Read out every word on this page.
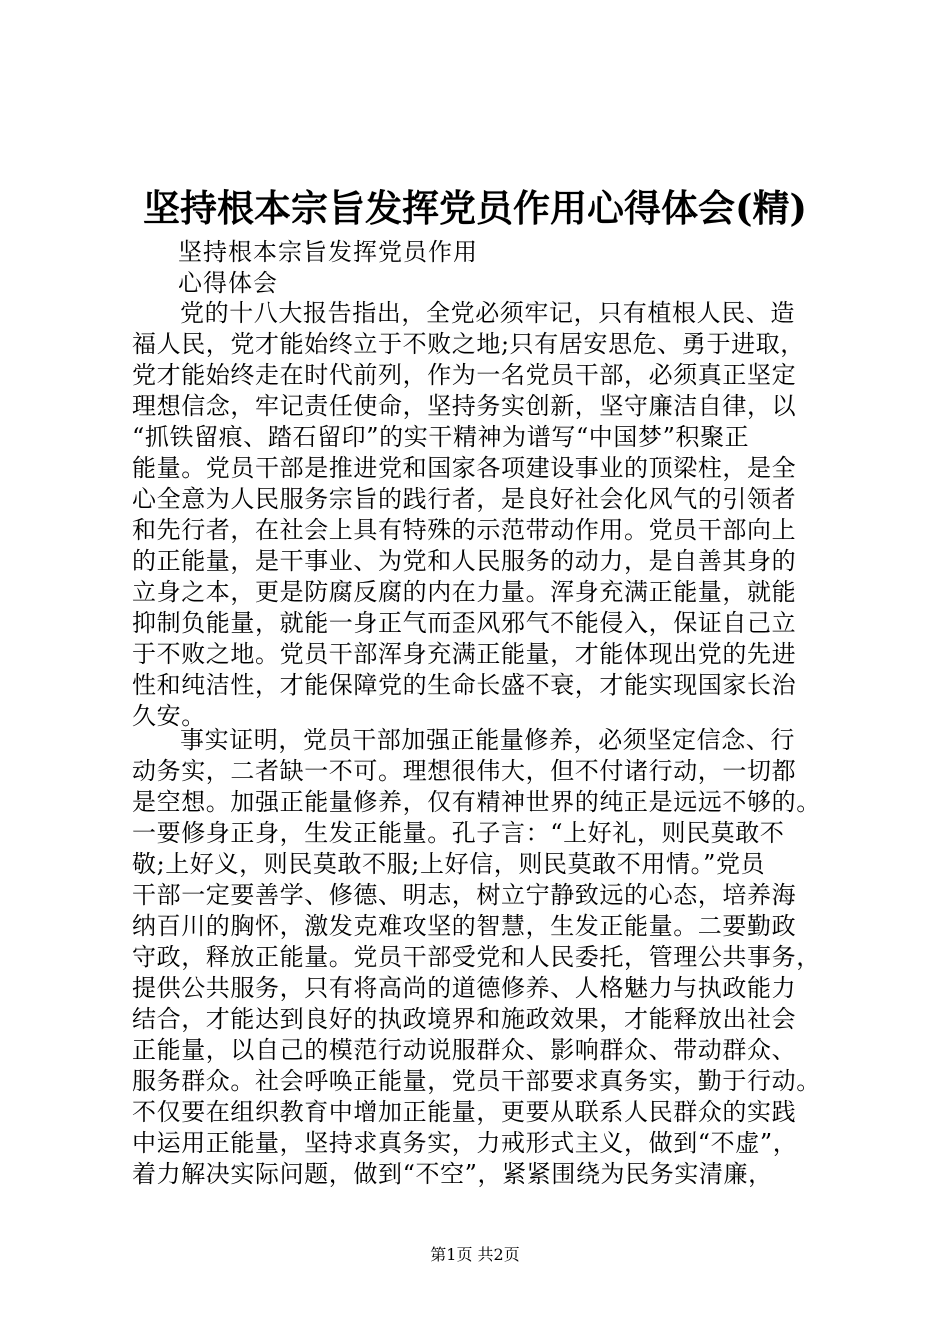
坚持根本宗旨发挥党员作用心得体会(精)
坚持根本宗旨发挥党员作用
心得体会
党的十八大报告指出，全党必须牢记，只有植根人民、造
福人民，党才能始终立于不败之地;只有居安思危、勇于进取，
党才能始终走在时代前列，作为一名党员干部，必须真正坚定
理想信念，牢记责任使命，坚持务实创新，坚守廉洁自律，以
“抓铁留痕、踏石留印”的实干精神为谱写“中国梦”积聚正
能量。党员干部是推进党和国家各项建设事业的顶梁柱，是全
心全意为人民服务宗旨的践行者，是良好社会化风气的引领者
和先行者，在社会上具有特殊的示范带动作用。党员干部向上
的正能量，是干事业、为党和人民服务的动力，是自善其身的
立身之本，更是防腐反腐的内在力量。浑身充满正能量，就能
抑制负能量，就能一身正气而歪风邪气不能侵入，保证自己立
于不败之地。党员干部浑身充满正能量，才能体现出党的先进
性和纯洁性，才能保障党的生命长盛不衰，才能实现国家长治
久安。
事实证明，党员干部加强正能量修养，必须坚定信念、行
动务实，二者缺一不可。理想很伟大，但不付诸行动，一切都
是空想。加强正能量修养，仅有精神世界的纯正是远远不够的。
一要修身正身，生发正能量。孔子言：“上好礼，则民莫敢不
敬;上好义，则民莫敢不服;上好信，则民莫敢不用情。”党员
干部一定要善学、修德、明志，树立宁静致远的心态，培养海
纳百川的胸怀，激发克难攻坚的智慧，生发正能量。二要勤政
守政，释放正能量。党员干部受党和人民委托，管理公共事务，
提供公共服务，只有将高尚的道德修养、人格魅力与执政能力
结合，才能达到良好的执政境界和施政效果，才能释放出社会
正能量，以自己的模范行动说服群众、影响群众、带动群众、
服务群众。社会呼唤正能量，党员干部要求真务实，勤于行动。
不仅要在组织教育中增加正能量，更要从联系人民群众的实践
中运用正能量，坚持求真务实，力戒形式主义，做到“不虚”，
着力解决实际问题，做到“不空”，紧紧围绕为民务实清廉，
第1页 共2页
